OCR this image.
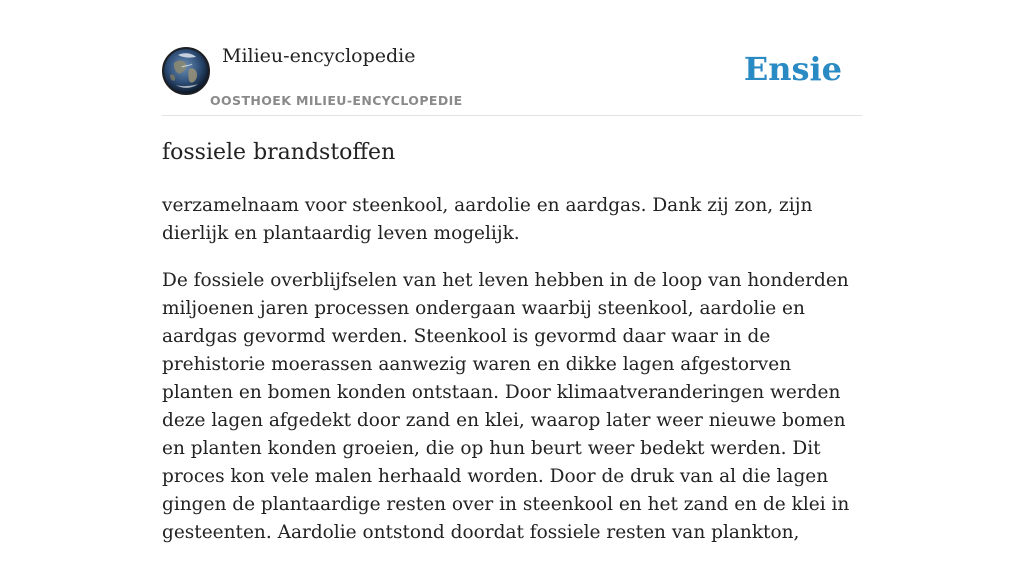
Milieu-encyclopedie
OOSTHOEK MILIEU-ENCYCLOPEDIE
Ensie
fossiele brandstoffen

verzamelnaam voor steenkool, aardolie en aardgas. Dank zij zon, zijn dierlijk en plantaardig leven mogelijk.

De fossiele overblijfselen van het leven hebben in de loop van honderden miljoenen jaren processen ondergaan waarbij steenkool, aardolie en aardgas gevormd werden. Steenkool is gevormd daar waar in de prehistorie moerassen aanwezig waren en dikke lagen afgestorven planten en bomen konden ontstaan. Door klimaatveranderingen werden deze lagen afgedekt door zand en klei, waarop later weer nieuwe bomen en planten konden groeien, die op hun beurt weer bedekt werden. Dit proces kon vele malen herhaald worden. Door de druk van al die lagen gingen de plantaardige resten over in steenkool en het zand en de klei in gesteenten. Aardolie ontstond doordat fossiele resten van plankton,
